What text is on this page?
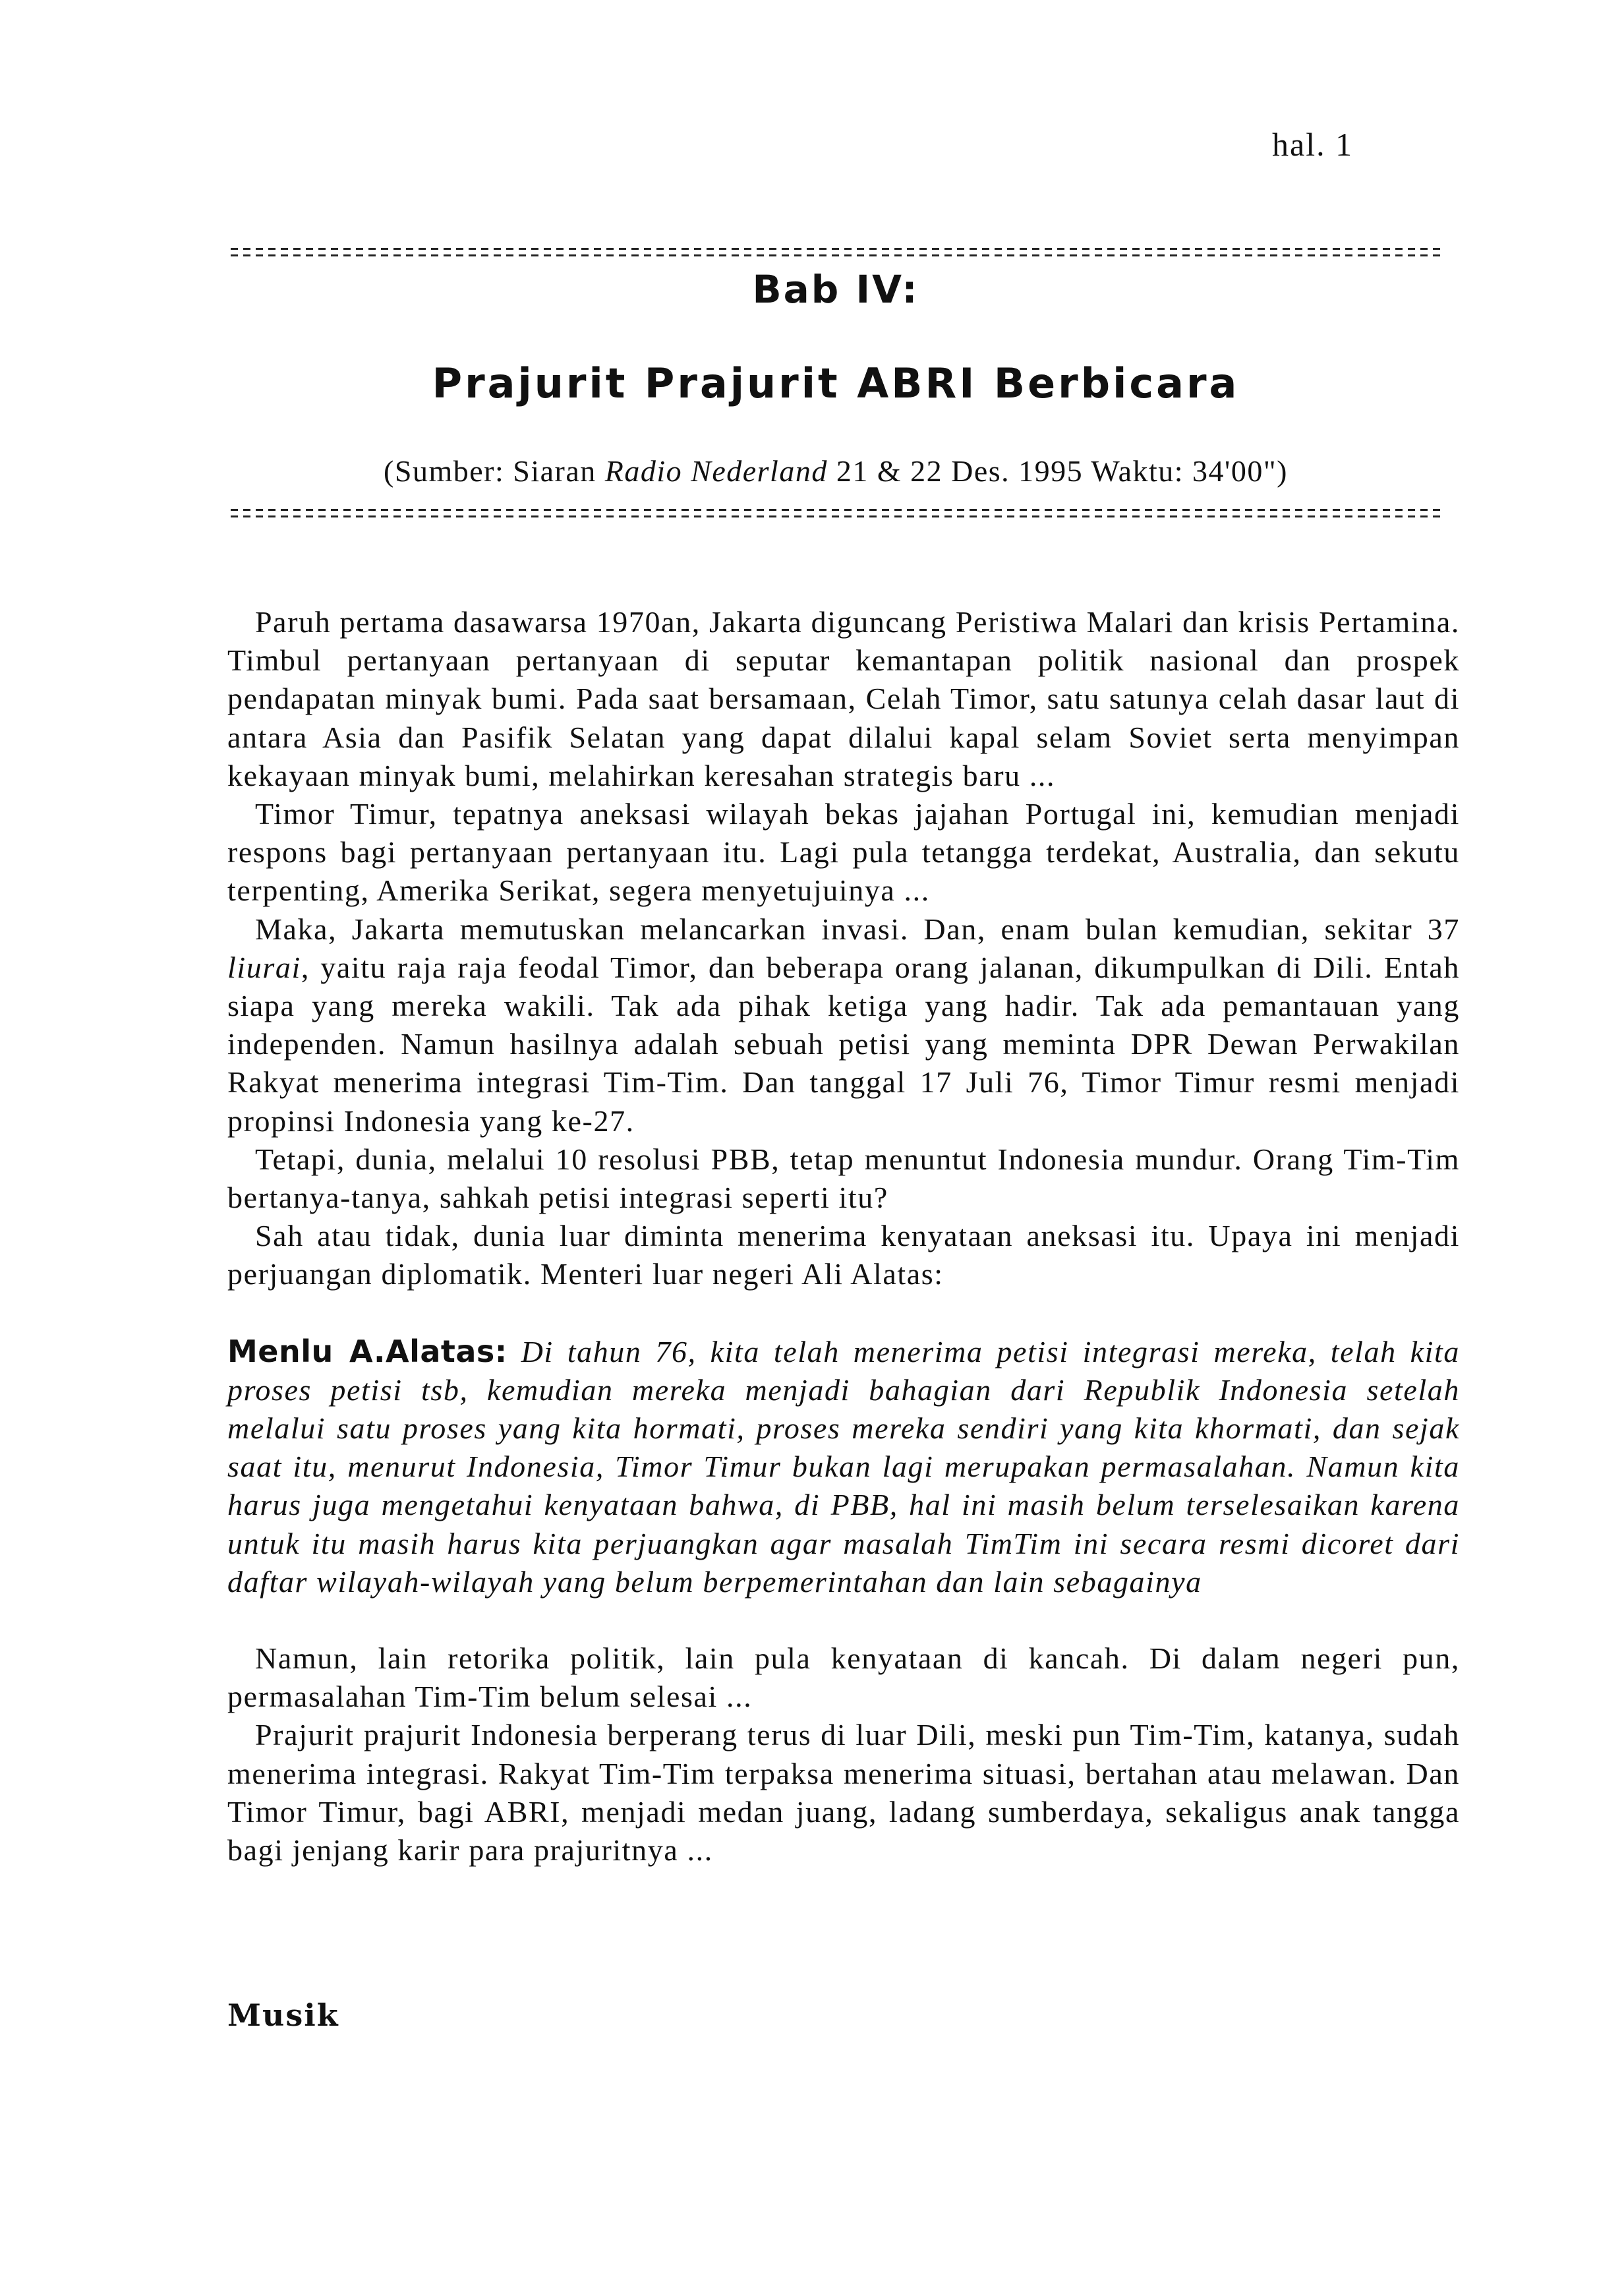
hal. 1
Bab IV:
Prajurit Prajurit ABRI Berbicara
(Sumber: Siaran Radio Nederland 21 & 22 Des. 1995 Waktu: 34'00")

Paruh pertama dasawarsa 1970an, Jakarta diguncang Peristiwa Malari dan krisis Pertamina. Timbul pertanyaan pertanyaan di seputar kemantapan politik nasional dan prospek pendapatan minyak bumi. Pada saat bersamaan, Celah Timor, satu satunya celah dasar laut di antara Asia dan Pasifik Selatan yang dapat dilalui kapal selam Soviet serta menyimpan kekayaan minyak bumi, melahirkan keresahan strategis baru ...

Timor Timur, tepatnya aneksasi wilayah bekas jajahan Portugal ini, kemudian menjadi respons bagi pertanyaan pertanyaan itu. Lagi pula tetangga terdekat, Australia, dan sekutu terpenting, Amerika Serikat, segera menyetujuinya ...

Maka, Jakarta memutuskan melancarkan invasi. Dan, enam bulan kemudian, sekitar 37 liurai, yaitu raja raja feodal Timor, dan beberapa orang jalanan, dikumpulkan di Dili. Entah siapa yang mereka wakili. Tak ada pihak ketiga yang hadir. Tak ada pemantauan yang independen. Namun hasilnya adalah sebuah petisi yang meminta DPR Dewan Perwakilan Rakyat menerima integrasi Tim-Tim. Dan tanggal 17 Juli 76, Timor Timur resmi menjadi propinsi Indonesia yang ke-27.

Tetapi, dunia, melalui 10 resolusi PBB, tetap menuntut Indonesia mundur. Orang Tim-Tim bertanya-tanya, sahkah petisi integrasi seperti itu?

Sah atau tidak, dunia luar diminta menerima kenyataan aneksasi itu. Upaya ini menjadi perjuangan diplomatik. Menteri luar negeri Ali Alatas:

Menlu A.Alatas: Di tahun 76, kita telah menerima petisi integrasi mereka, telah kita proses petisi tsb, kemudian mereka menjadi bahagian dari Republik Indonesia setelah melalui satu proses yang kita hormati, proses mereka sendiri yang kita khormati, dan sejak saat itu, menurut Indonesia, Timor Timur bukan lagi merupakan permasalahan. Namun kita harus juga mengetahui kenyataan bahwa, di PBB, hal ini masih belum terselesaikan karena untuk itu masih harus kita perjuangkan agar masalah TimTim ini secara resmi dicoret dari daftar wilayah-wilayah yang belum berpemerintahan dan lain sebagainya

Namun, lain retorika politik, lain pula kenyataan di kancah. Di dalam negeri pun, permasalahan Tim-Tim belum selesai ...

Prajurit prajurit Indonesia berperang terus di luar Dili, meski pun Tim-Tim, katanya, sudah menerima integrasi. Rakyat Tim-Tim terpaksa menerima situasi, bertahan atau melawan. Dan Timor Timur, bagi ABRI, menjadi medan juang, ladang sumberdaya, sekaligus anak tangga bagi jenjang karir para prajuritnya ...

Musik
